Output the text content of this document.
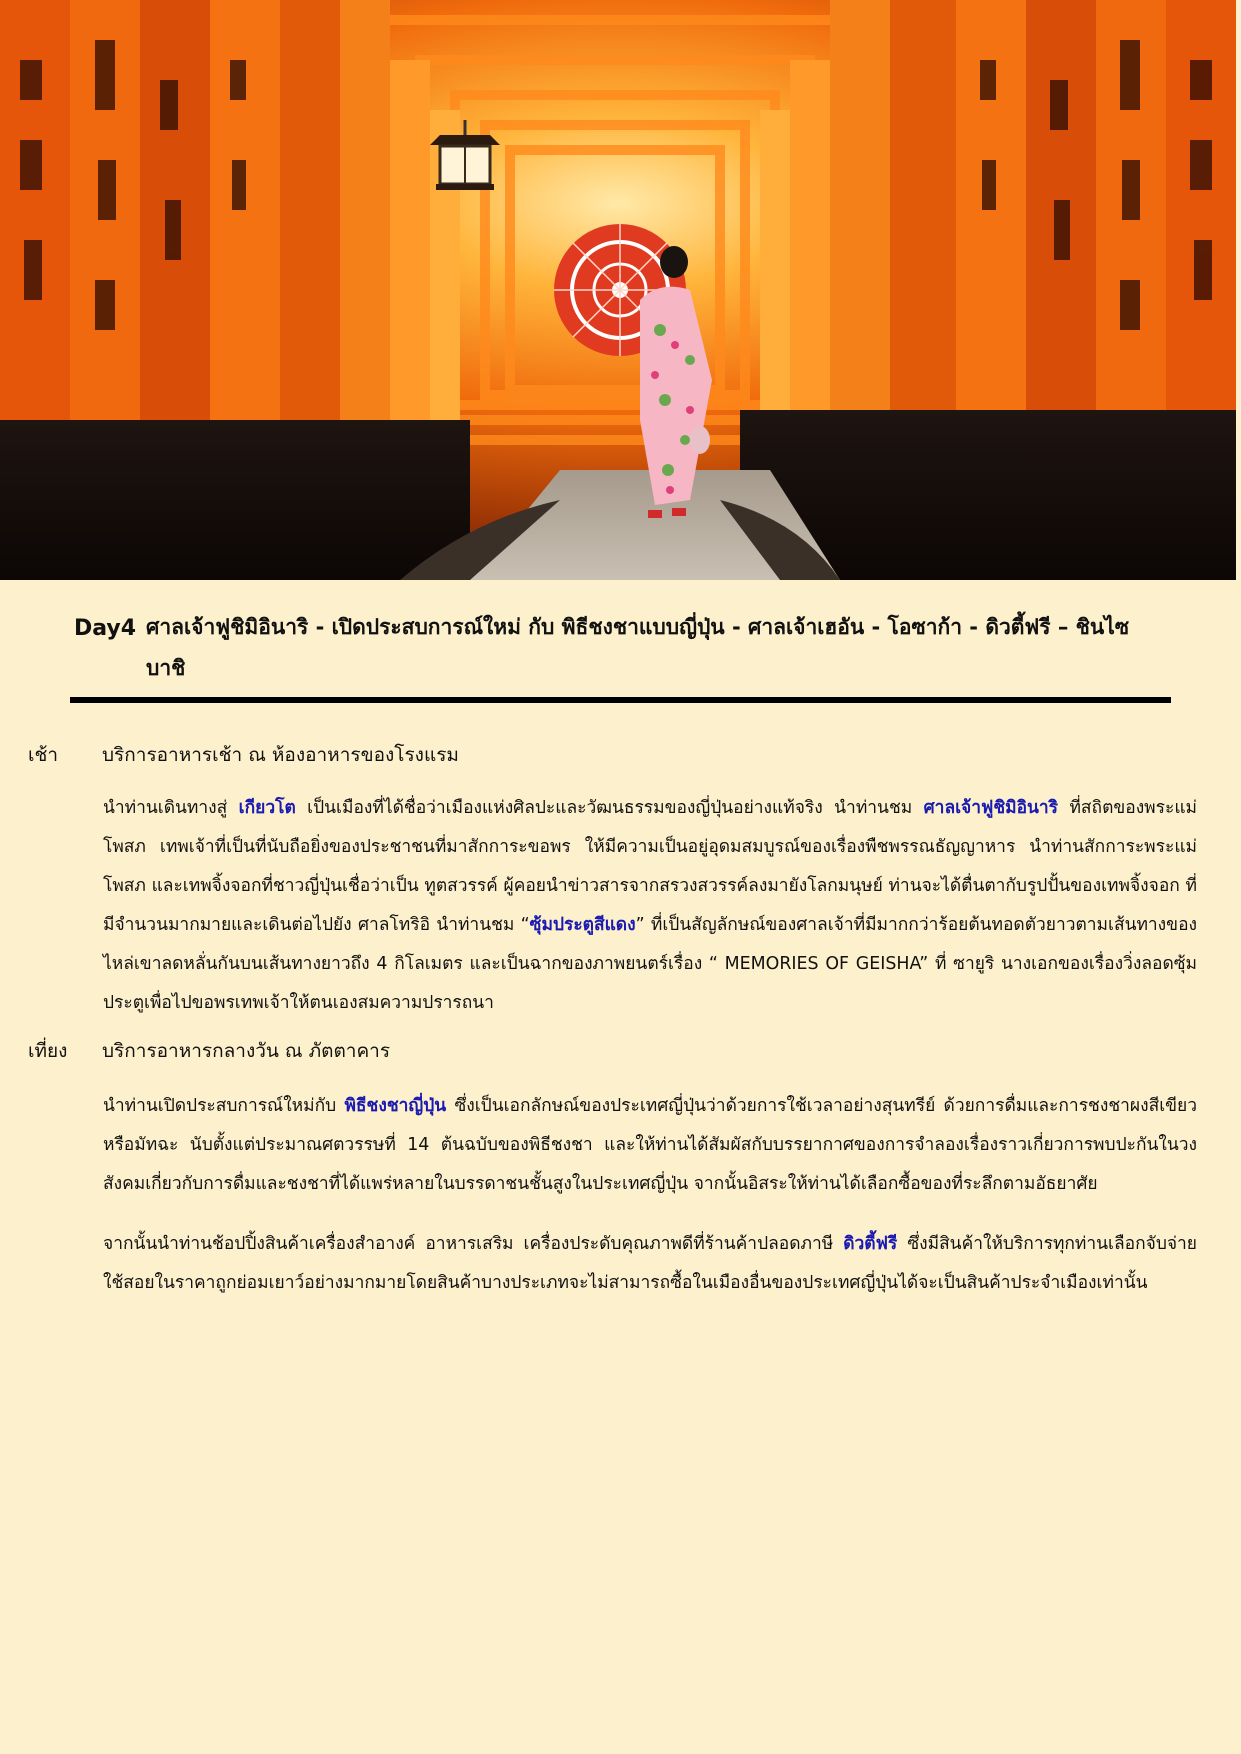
Day4 ศาลเจ้าฟูชิมิอินาริ - เปิดประสบการณ์ใหม่ กับ พิธีชงชาแบบญี่ปุ่น - ศาลเจ้าเฮอัน - โอซาก้า - ดิวตี้ฟรี – ชินไซบาชิ
เช้า	บริการอาหารเช้า ณ ห้องอาหารของโรงแรม
นำท่านเดินทางสู่ เกียวโต เป็นเมืองที่ได้ชื่อว่าเมืองแห่งศิลปะและวัฒนธรรมของญี่ปุ่นอย่างแท้จริง นำท่านชม ศาลเจ้าฟูชิมิอินาริ ที่สถิตของพระแม่โพสภ เทพเจ้าที่เป็นที่นับถือยิ่งของประชาชนที่มาสักการะขอพร ให้มีความเป็นอยู่อุดมสมบูรณ์ของเรื่องพืชพรรณธัญญาหาร นำท่านสักการะพระแม่โพสภ และเทพจิ้งจอกที่ชาวญี่ปุ่นเชื่อว่าเป็น ทูตสวรรค์ ผู้คอยนำข่าวสารจากสรวงสวรรค์ลงมายังโลกมนุษย์ ท่านจะได้ตื่นตากับรูปปั้นของเทพจิ้งจอก ที่มีจำนวนมากมายและเดินต่อไปยัง ศาลโทริอิ นำท่านชม “ซุ้มประตูสีแดง” ที่เป็นสัญลักษณ์ของศาลเจ้าที่มีมากกว่าร้อยต้นทอดตัวยาวตามเส้นทางของไหล่เขาลดหลั่นกันบนเส้นทางยาวถึง 4 กิโลเมตร และเป็นฉากของภาพยนตร์เรื่อง “ MEMORIES OF GEISHA” ที่ ซายูริ นางเอกของเรื่องวิ่งลอดซุ้มประตูเพื่อไปขอพรเทพเจ้าให้ตนเองสมความปรารถนา
เที่ยง	บริการอาหารกลางวัน ณ ภัตตาคาร
นำท่านเปิดประสบการณ์ใหม่กับ พิธีชงชาญี่ปุ่น ซึ่งเป็นเอกลักษณ์ของประเทศญี่ปุ่นว่าด้วยการใช้เวลาอย่างสุนทรีย์ ด้วยการดื่มและการชงชาผงสีเขียวหรือมัทฉะ นับตั้งแต่ประมาณศตวรรษที่ 14 ต้นฉบับของพิธีชงชา และให้ท่านได้สัมผัสกับบรรยากาศของการจำลองเรื่องราวเกี่ยวการพบปะกันในวงสังคมเกี่ยวกับการดื่มและชงชาที่ได้แพร่หลายในบรรดาชนชั้นสูงในประเทศญี่ปุ่น จากนั้นอิสระให้ท่านได้เลือกซื้อของที่ระลึกตามอัธยาศัย
จากนั้นนำท่านช้อปปิ้งสินค้าเครื่องสำอางค์ อาหารเสริม เครื่องประดับคุณภาพดีที่ร้านค้าปลอดภาษี ดิวตี้ฟรี ซึ่งมีสินค้าให้บริการทุกท่านเลือกจับจ่ายใช้สอยในราคาถูกย่อมเยาว์อย่างมากมายโดยสินค้าบางประเภทจะไม่สามารถซื้อในเมืองอื่นของประเทศญี่ปุ่นได้จะเป็นสินค้าประจำเมืองเท่านั้น
